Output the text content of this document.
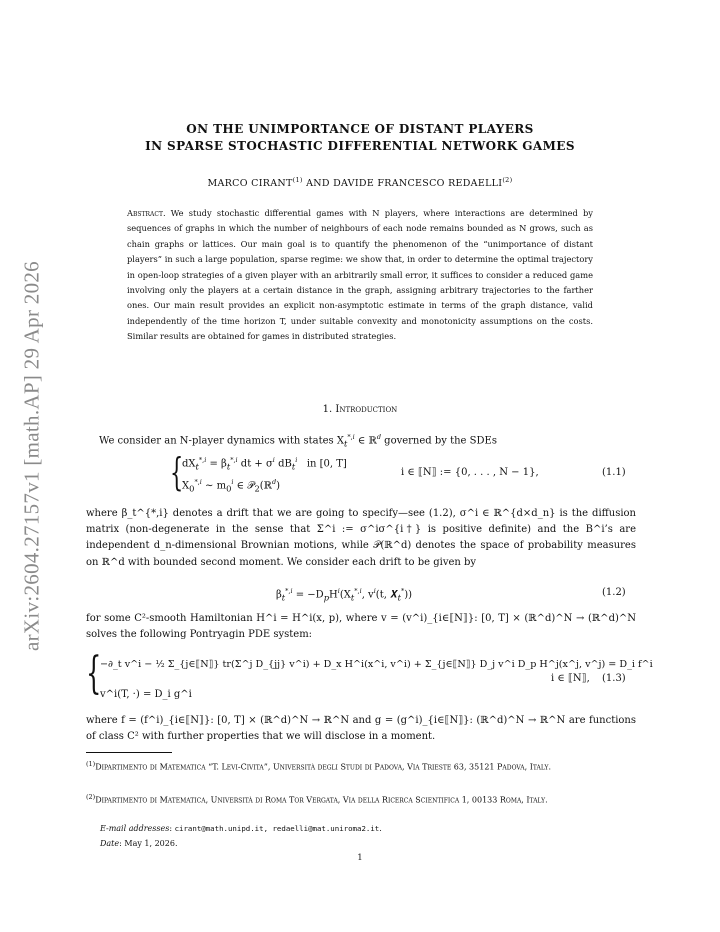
arXiv:2604.27157v1 [math.AP] 29 Apr 2026
ON THE UNIMPORTANCE OF DISTANT PLAYERS
IN SPARSE STOCHASTIC DIFFERENTIAL NETWORK GAMES
MARCO CIRANT$^{(1)}$ AND DAVIDE FRANCESCO REDAELLI$^{(2)}$
Abstract. We study stochastic differential games with N players, where interactions are determined by sequences of graphs in which the number of neighbours of each node remains bounded as N grows, such as chain graphs or lattices. Our main goal is to quantify the phenomenon of the “unimportance of distant players” in such a large population, sparse regime: we show that, in order to determine the optimal trajectory in open-loop strategies of a given player with an arbitrarily small error, it suffices to consider a reduced game involving only the players at a certain distance in the graph, assigning arbitrary trajectories to the farther ones. Our main result provides an explicit non-asymptotic estimate in terms of the graph distance, valid independently of the time horizon T, under suitable convexity and monotonicity assumptions on the costs. Similar results are obtained for games in distributed strategies.
1. Introduction
We consider an N-player dynamics with states $X_t^{*,i}$ ∈ ℝ$^d$ governed by the SDEs
{
$dX_t^{*,i} = \beta_t^{*,i}$ dt + $\sigma^i$ $dB_t^i$ in [0, T]
$X_0^{*,i}$ ∼ $m_0^i$ ∈ 𝒫$_2$(ℝ$^d$)
i ∈ ⟦N⟧ := {0, . . . , N − 1},	(1.1)
where β_t^{*,i} denotes a drift that we are going to specify—see (1.2), σ^i ∈ ℝ^{d×d_n} is the diffusion matrix (non-degenerate in the sense that Σ^i := σ^iσ^{i†} is positive definite) and the B^i’s are independent d_n-dimensional Brownian motions, while 𝒫(ℝ^d) denotes the space of probability measures on ℝ^d with bounded second moment. We consider each drift to be given by
$\beta_t^{*,i} = -D_pH^i(X_t^{*,i}$, $v^i(t$, 𝑿$_t$*))	(1.2)
for some C²-smooth Hamiltonian H^i = H^i(x, p), where v = (v^i)_{i∈⟦N⟧}: [0, T] × (ℝ^d)^N → (ℝ^d)^N solves the following Pontryagin PDE system:
{
−∂_t v^i − ½ Σ_{j∈⟦N⟧} tr(Σ^j D_{jj} v^i) + D_x H^i(x^i, v^i) + Σ_{j∈⟦N⟧} D_j v^i D_p H^j(x^j, v^j) = D_i f^i
v^i(T, ·) = D_i g^i
i ∈ ⟦N⟧, (1.3)
where f = (f^i)_{i∈⟦N⟧}: [0, T] × (ℝ^d)^N → ℝ^N and g = (g^i)_{i∈⟦N⟧}: (ℝ^d)^N → ℝ^N are functions of class C² with further properties that we will disclose in a moment.
$^{(1)}$Dipartimento di Matematica “T. Levi-Civita”, Università degli Studi di Padova, Via Trieste 63, 35121 Padova, Italy.
$^{(2)}$Dipartimento di Matematica, Università di Roma Tor Vergata, Via della Ricerca Scientifica 1, 00133 Roma, Italy.
E-mail addresses: cirant@math.unipd.it, redaelli@mat.uniroma2.it.
Date: May 1, 2026.
1
